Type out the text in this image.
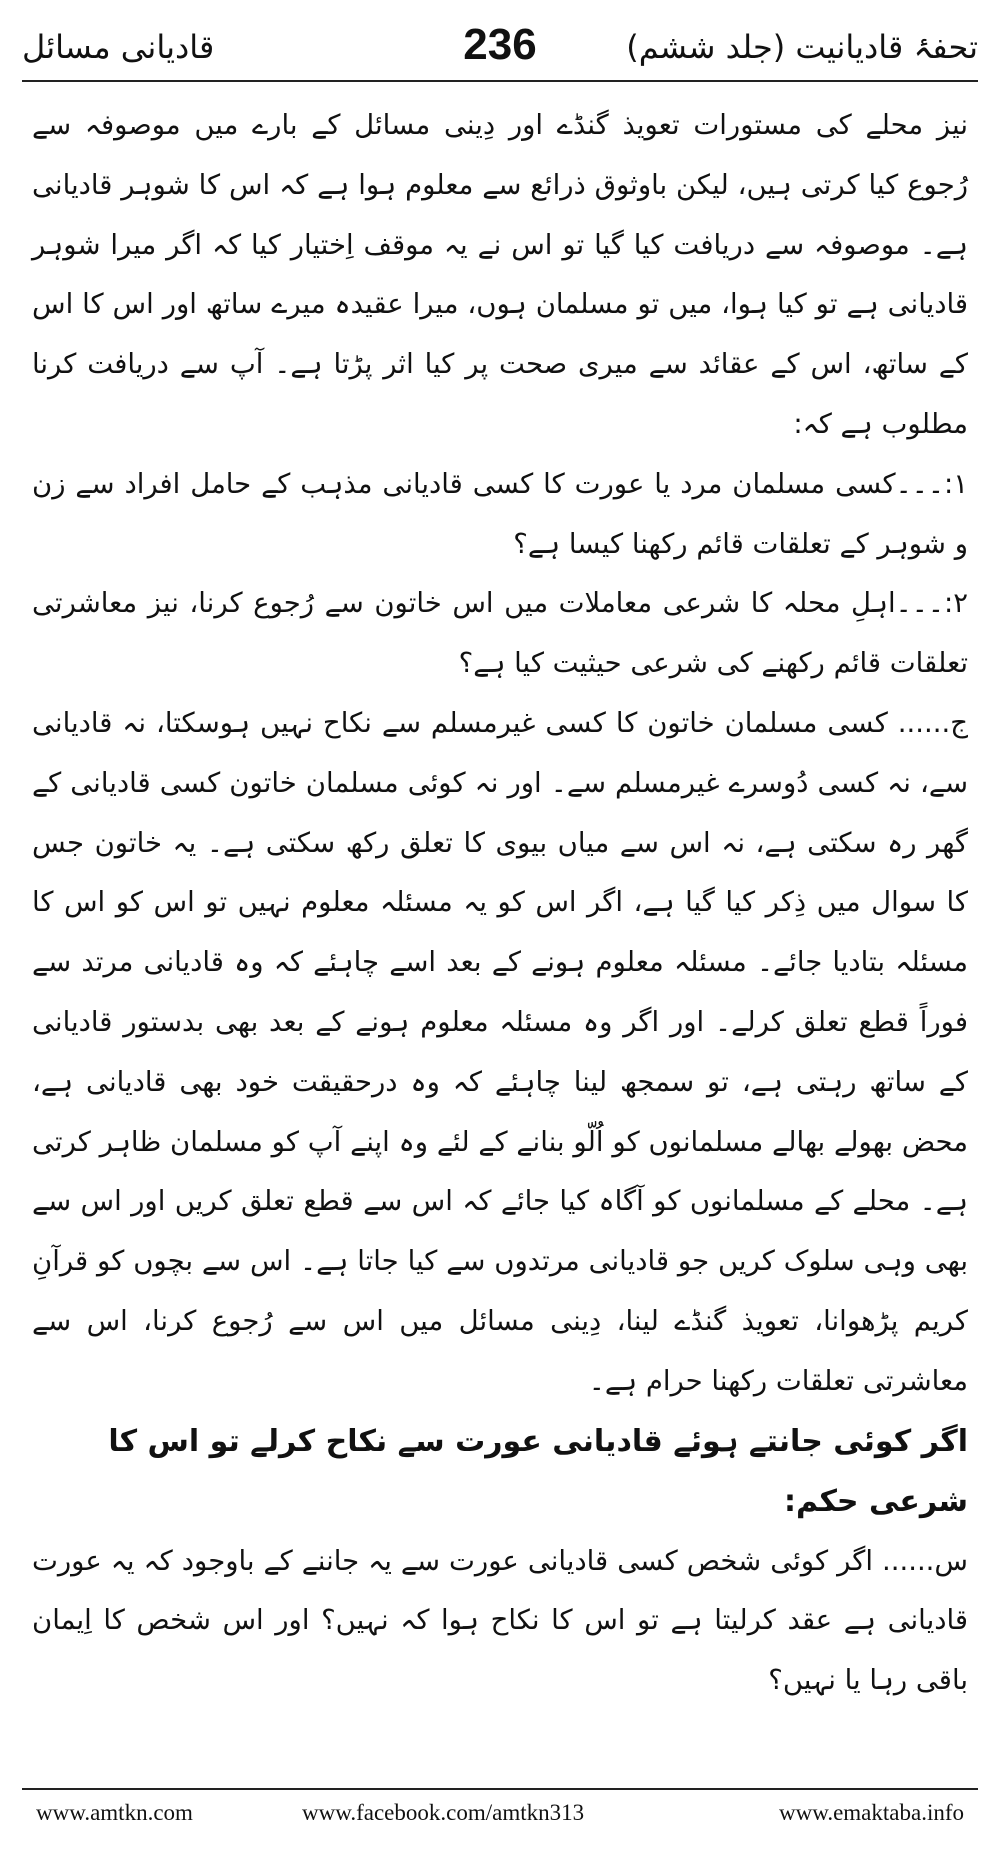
قادیانی مسائل	236	تحفۂ قادیانیت (جلد ششم)

نیز محلے کی مستورات تعویذ گنڈے اور دِینی مسائل کے بارے میں موصوفہ سے رُجوع کیا کرتی ہیں، لیکن باوثوق ذرائع سے معلوم ہوا ہے کہ اس کا شوہر قادیانی ہے۔ موصوفہ سے دریافت کیا گیا تو اس نے یہ موقف اِختیار کیا کہ اگر میرا شوہر قادیانی ہے تو کیا ہوا، میں تو مسلمان ہوں، میرا عقیدہ میرے ساتھ اور اس کا اس کے ساتھ، اس کے عقائد سے میری صحت پر کیا اثر پڑتا ہے۔ آپ سے دریافت کرنا مطلوب ہے کہ:

۱:۔۔۔کسی مسلمان مرد یا عورت کا کسی قادیانی مذہب کے حامل افراد سے زن و شوہر کے تعلقات قائم رکھنا کیسا ہے؟

۲:۔۔۔اہلِ محلہ کا شرعی معاملات میں اس خاتون سے رُجوع کرنا، نیز معاشرتی تعلقات قائم رکھنے کی شرعی حیثیت کیا ہے؟

ج...... کسی مسلمان خاتون کا کسی غیرمسلم سے نکاح نہیں ہوسکتا، نہ قادیانی سے، نہ کسی دُوسرے غیرمسلم سے۔ اور نہ کوئی مسلمان خاتون کسی قادیانی کے گھر رہ سکتی ہے، نہ اس سے میاں بیوی کا تعلق رکھ سکتی ہے۔ یہ خاتون جس کا سوال میں ذِکر کیا گیا ہے، اگر اس کو یہ مسئلہ معلوم نہیں تو اس کو اس کا مسئلہ بتادیا جائے۔ مسئلہ معلوم ہونے کے بعد اسے چاہئے کہ وہ قادیانی مرتد سے فوراً قطع تعلق کرلے۔ اور اگر وہ مسئلہ معلوم ہونے کے بعد بھی بدستور قادیانی کے ساتھ رہتی ہے، تو سمجھ لینا چاہئے کہ وہ درحقیقت خود بھی قادیانی ہے، محض بھولے بھالے مسلمانوں کو اُلّو بنانے کے لئے وہ اپنے آپ کو مسلمان ظاہر کرتی ہے۔ محلے کے مسلمانوں کو آگاہ کیا جائے کہ اس سے قطع تعلق کریں اور اس سے بھی وہی سلوک کریں جو قادیانی مرتدوں سے کیا جاتا ہے۔ اس سے بچوں کو قرآنِ کریم پڑھوانا، تعویذ گنڈے لینا، دِینی مسائل میں اس سے رُجوع کرنا، اس سے معاشرتی تعلقات رکھنا حرام ہے۔

اگر کوئی جانتے ہوئے قادیانی عورت سے نکاح کرلے تو اس کا شرعی حکم:

س...... اگر کوئی شخص کسی قادیانی عورت سے یہ جاننے کے باوجود کہ یہ عورت قادیانی ہے عقد کرلیتا ہے تو اس کا نکاح ہوا کہ نہیں؟ اور اس شخص کا اِیمان باقی رہا یا نہیں؟

www.amtkn.com	www.facebook.com/amtkn313	www.emaktaba.info
